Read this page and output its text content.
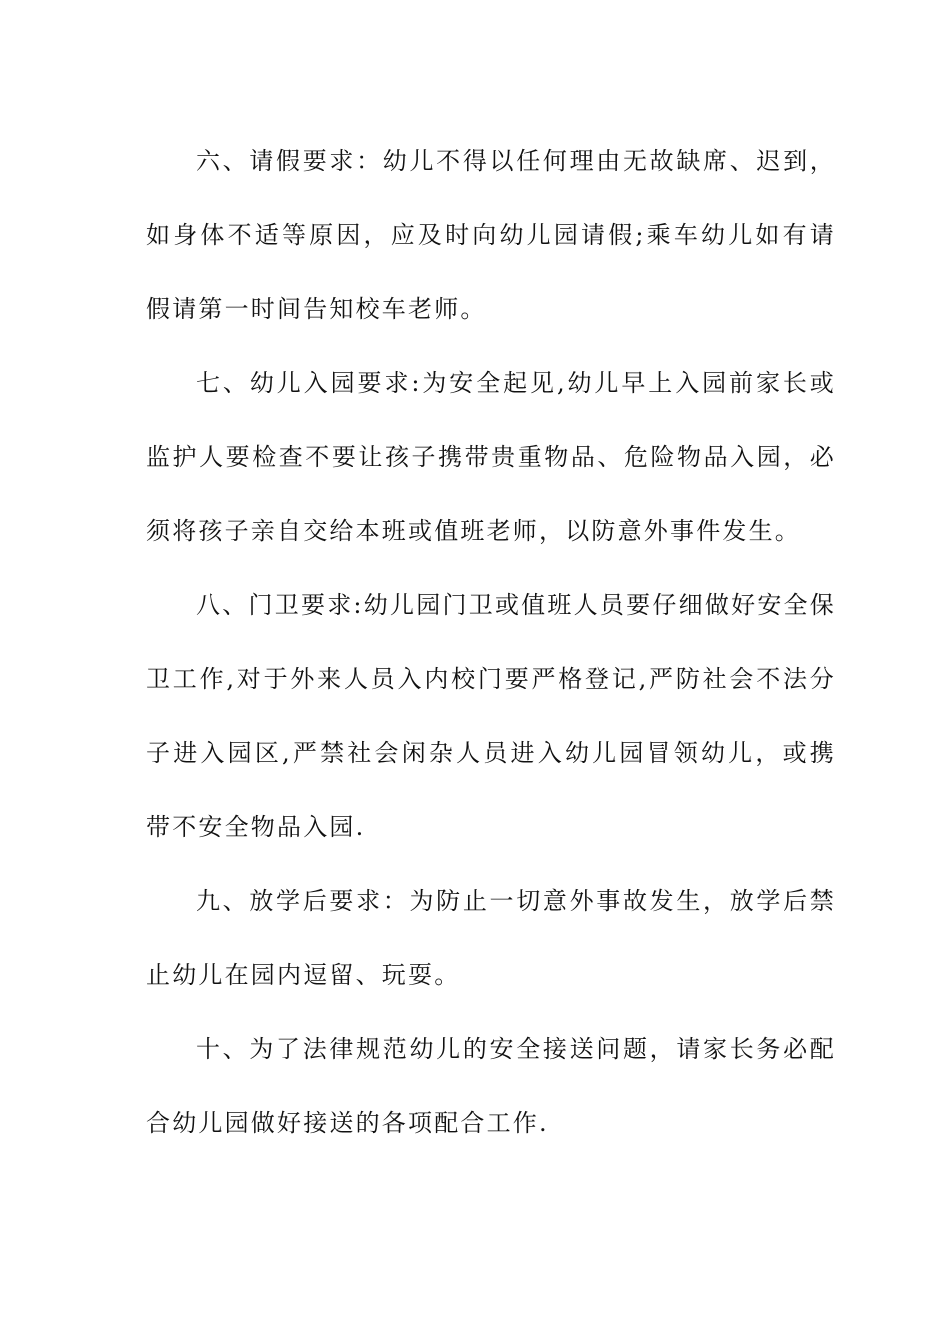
六、请假要求：幼儿不得以任何理由无故缺席、迟到，如身体不适等原因，应及时向幼儿园请假;乘车幼儿如有请假请第一时间告知校车老师。

七、幼儿入园要求:为安全起见,幼儿早上入园前家长或监护人要检查不要让孩子携带贵重物品、危险物品入园，必须将孩子亲自交给本班或值班老师，以防意外事件发生。

八、门卫要求:幼儿园门卫或值班人员要仔细做好安全保卫工作,对于外来人员入内校门要严格登记,严防社会不法分子进入园区,严禁社会闲杂人员进入幼儿园冒领幼儿，或携带不安全物品入园.

九、放学后要求：为防止一切意外事故发生，放学后禁止幼儿在园内逗留、玩耍。

十、为了法律规范幼儿的安全接送问题，请家长务必配合幼儿园做好接送的各项配合工作.
